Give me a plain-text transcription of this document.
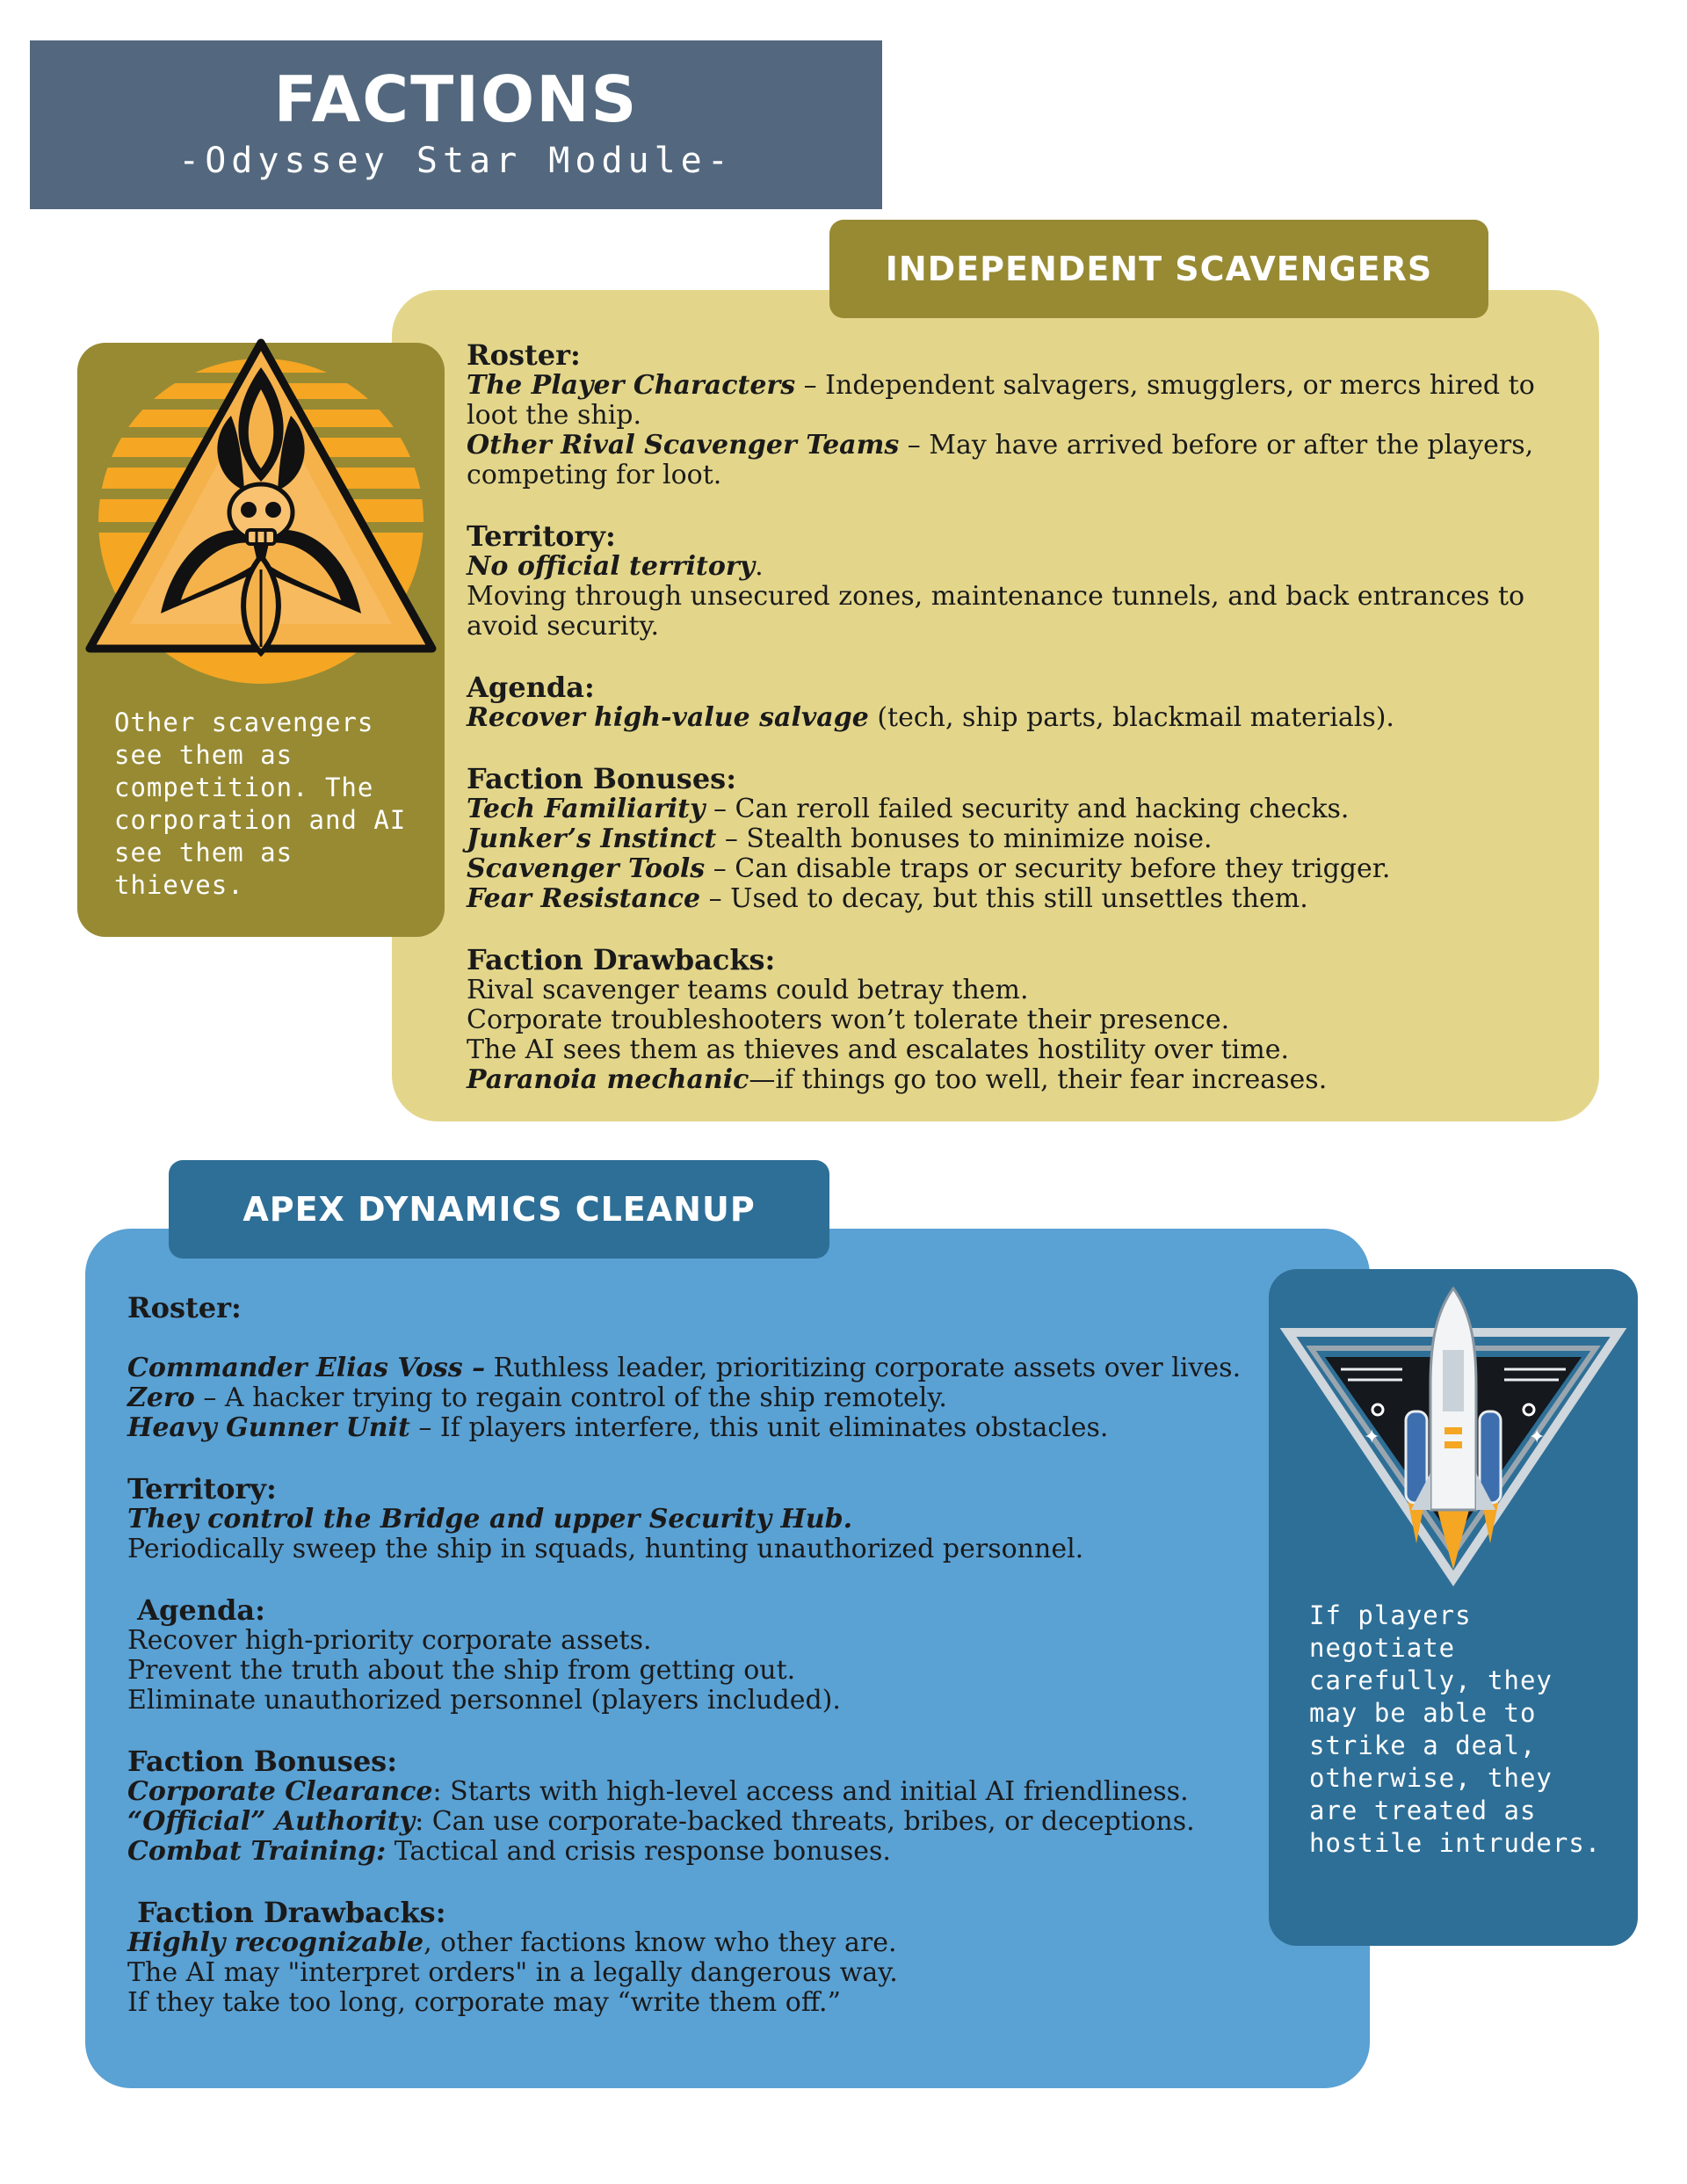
FACTIONS
-Odyssey Star Module-
INDEPENDENT SCAVENGERS
Other scavengers see them as competition. The corporation and AI see them as thieves.
Roster:
The Player Characters – Independent salvagers, smugglers, or mercs hired to loot the ship.
Other Rival Scavenger Teams – May have arrived before or after the players, competing for loot.
Territory:
No official territory.
Moving through unsecured zones, maintenance tunnels, and back entrances to avoid security.
Agenda:
Recover high-value salvage (tech, ship parts, blackmail materials).
Faction Bonuses:
Tech Familiarity – Can reroll failed security and hacking checks.
Junker’s Instinct – Stealth bonuses to minimize noise.
Scavenger Tools – Can disable traps or security before they trigger.
Fear Resistance – Used to decay, but this still unsettles them.
Faction Drawbacks:
Rival scavenger teams could betray them.
Corporate troubleshooters won’t tolerate their presence.
The AI sees them as thieves and escalates hostility over time.
Paranoia mechanic—if things go too well, their fear increases.
APEX DYNAMICS CLEANUP
✦	✦
If players negotiate carefully, they may be able to strike a deal, otherwise, they are treated as hostile intruders.
Roster:
Commander Elias Voss – Ruthless leader, prioritizing corporate assets over lives.
Zero – A hacker trying to regain control of the ship remotely.
Heavy Gunner Unit – If players interfere, this unit eliminates obstacles.
Territory:
They control the Bridge and upper Security Hub.
Periodically sweep the ship in squads, hunting unauthorized personnel.
Agenda:
Recover high-priority corporate assets.
Prevent the truth about the ship from getting out.
Eliminate unauthorized personnel (players included).
Faction Bonuses:
Corporate Clearance: Starts with high-level access and initial AI friendliness.
“Official” Authority: Can use corporate-backed threats, bribes, or deceptions.
Combat Training: Tactical and crisis response bonuses.
Faction Drawbacks:
Highly recognizable, other factions know who they are.
The AI may "interpret orders" in a legally dangerous way.
If they take too long, corporate may “write them off.”
